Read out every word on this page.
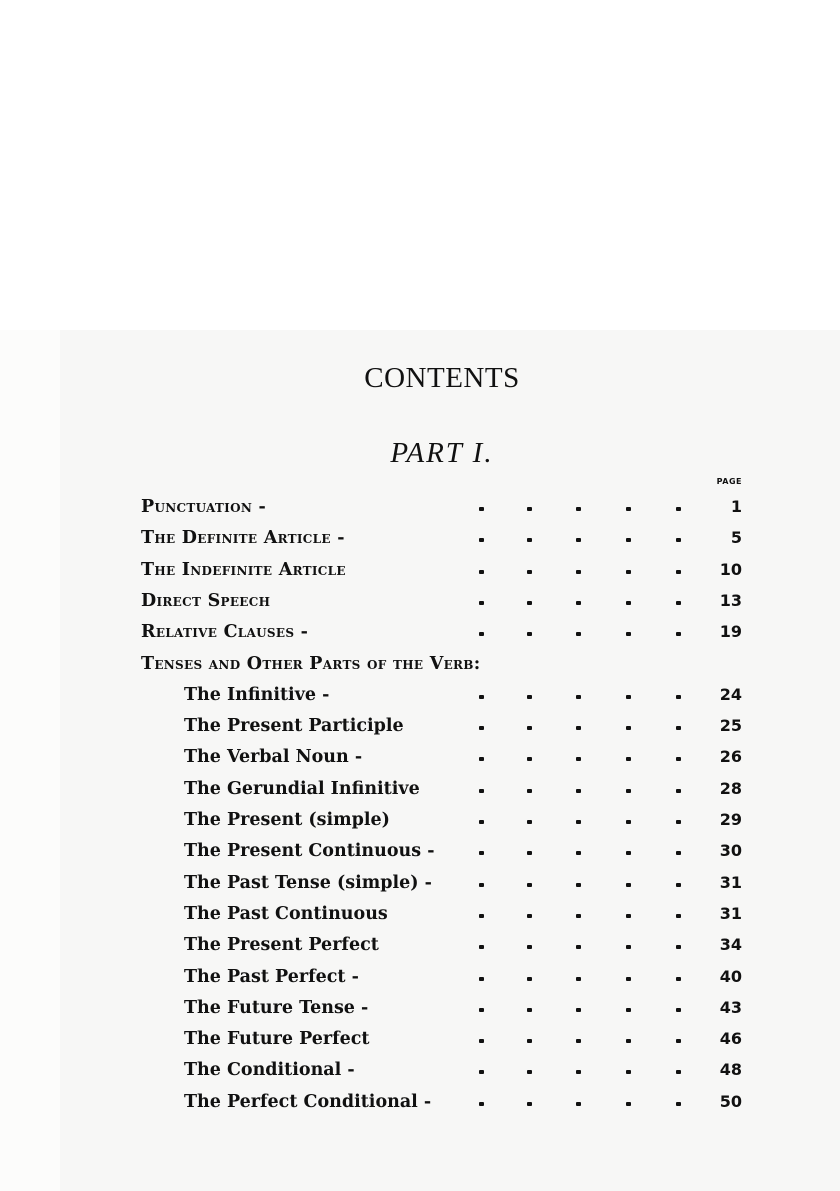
CONTENTS
PART I.
PAGE
Punctuation -	1
The Definite Article -	5
The Indefinite Article	10
Direct Speech	13
Relative Clauses -	19
Tenses and Other Parts of the Verb:
The Infinitive -	24
The Present Participle	25
The Verbal Noun -	26
The Gerundial Infinitive	28
The Present (simple)	29
The Present Continuous -	30
The Past Tense (simple) -	31
The Past Continuous	31
The Present Perfect	34
The Past Perfect -	40
The Future Tense -	43
The Future Perfect	46
The Conditional -	48
The Perfect Conditional -	50
